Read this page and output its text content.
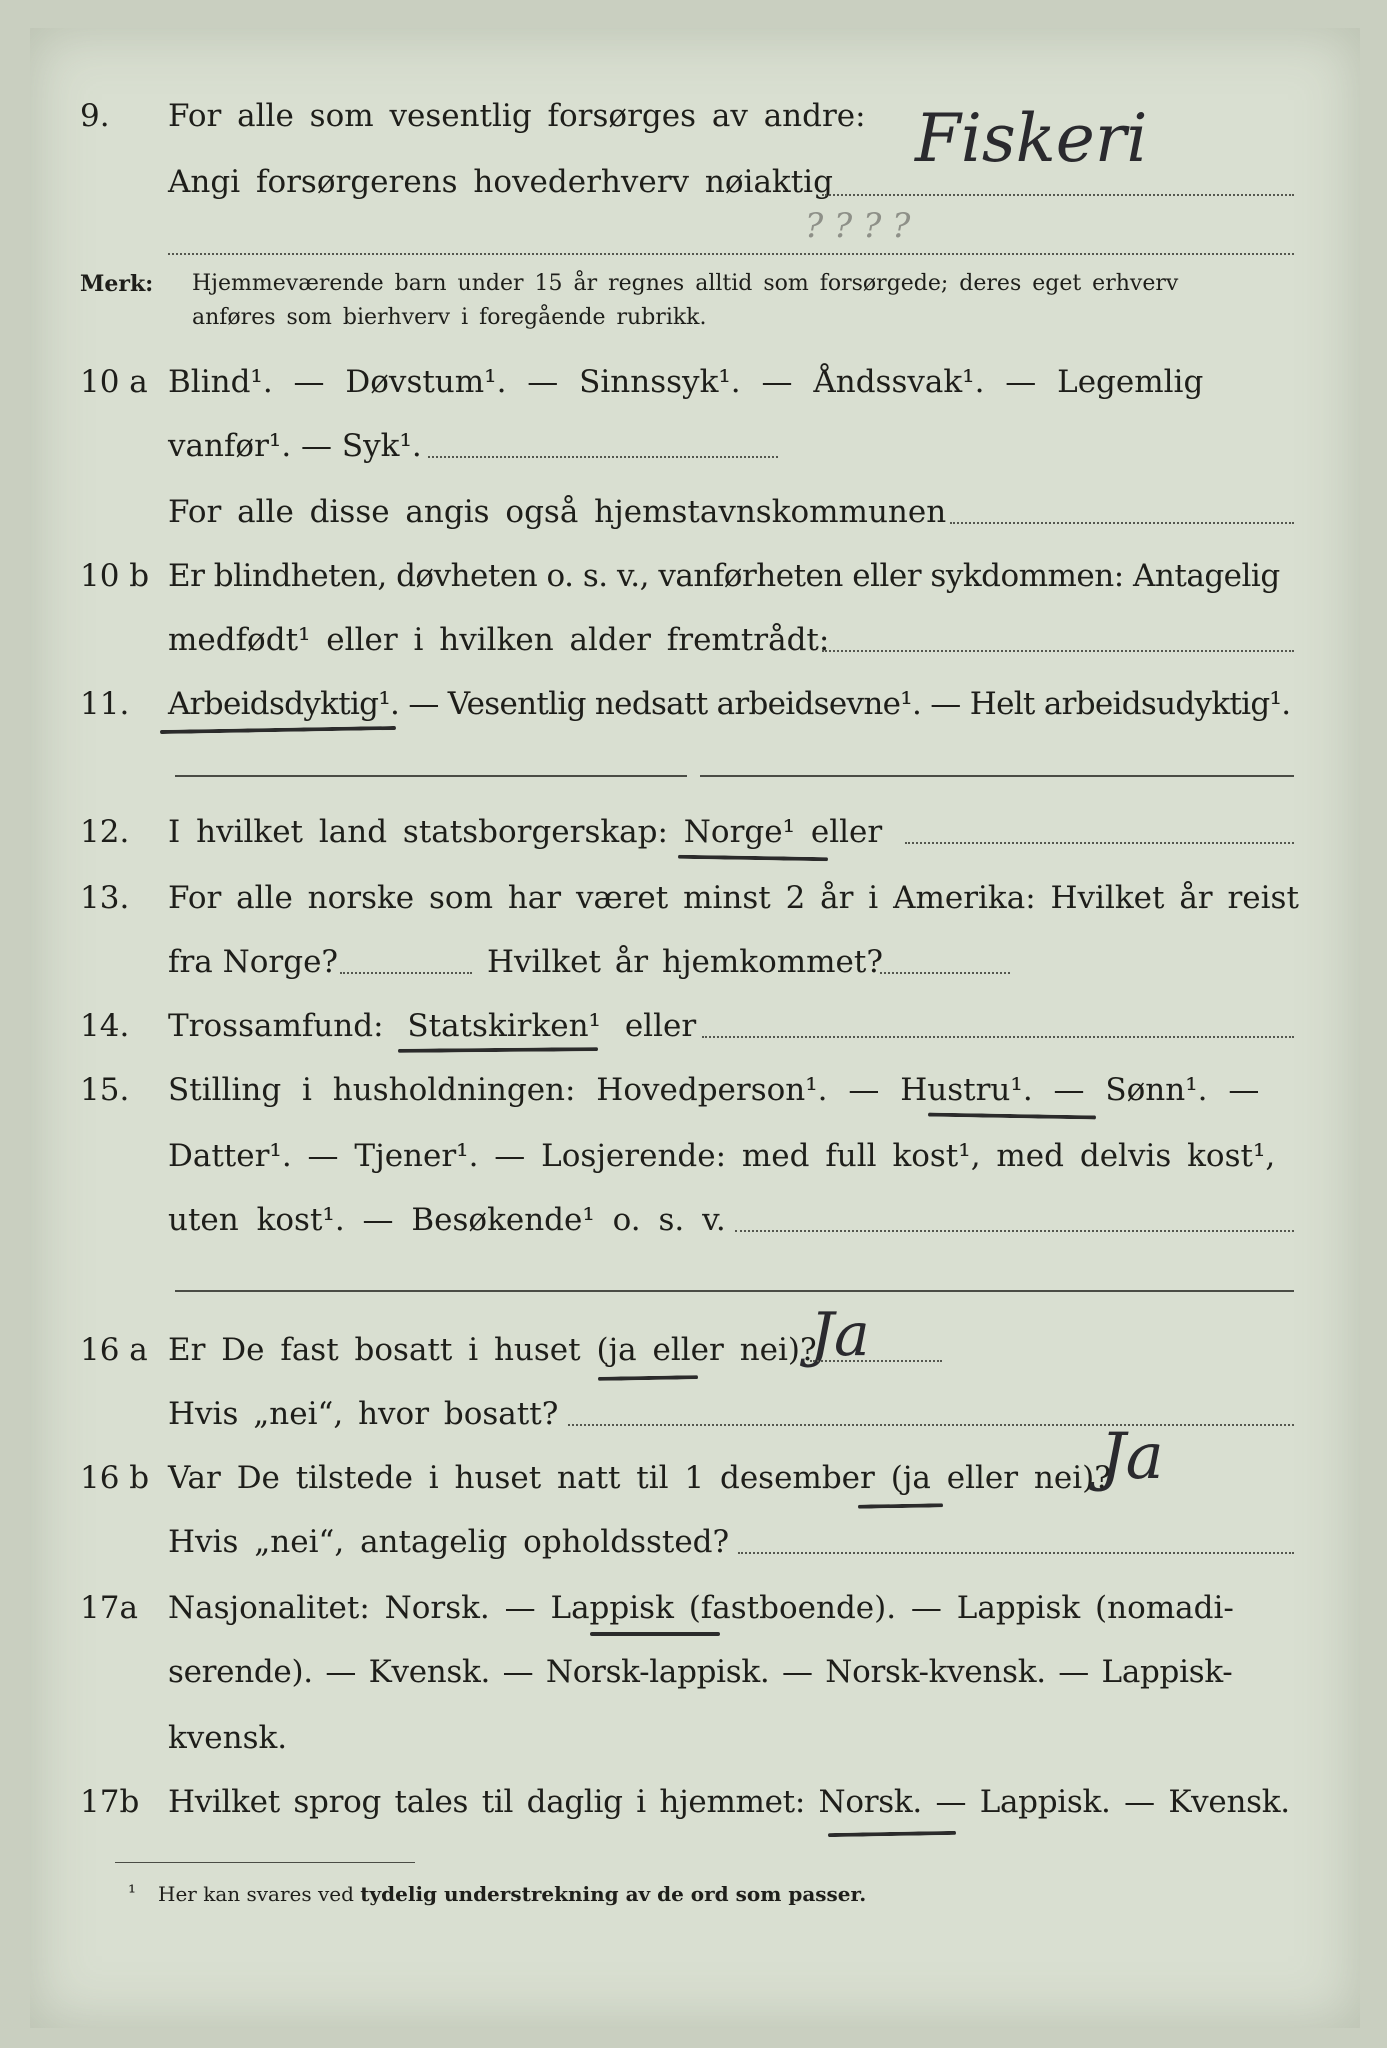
9. For alle som vesentlig forsørges av andre:
Angi forsørgerens hovederhverv nøiaktig
Fiskeri
? ? ? ?
Merk: Hjemmeværende barn under 15 år regnes alltid som forsørgede; deres eget erhverv
anføres som bierhverv i foregående rubrikk.
10 a Blind¹. — Døvstum¹. — Sinnssyk¹. — Åndssvak¹. — Legemlig
vanfør¹. — Syk¹.
For alle disse angis også hjemstavnskommunen
10 b Er blindheten, døvheten o. s. v., vanførheten eller sykdommen: Antagelig
medfødt¹ eller i hvilken alder fremtrådt:
11. Arbeidsdyktig¹. — Vesentlig nedsatt arbeidsevne¹. — Helt arbeidsudyktig¹.
12. I hvilket land statsborgerskap: Norge¹ eller
13. For alle norske som har været minst 2 år i Amerika: Hvilket år reist
fra Norge?	Hvilket år hjemkommet?
14. Trossamfund: Statskirken¹ eller
15. Stilling i husholdningen: Hovedperson¹. — Hustru¹. — Sønn¹. —
Datter¹. — Tjener¹. — Losjerende: med full kost¹, med delvis kost¹,
uten kost¹. — Besøkende¹ o. s. v.
16 a Er De fast bosatt i huset (ja eller nei)?
Ja
Hvis „nei“, hvor bosatt?
16 b Var De tilstede i huset natt til 1 desember (ja eller nei)?
Ja
Hvis „nei“, antagelig opholdssted?
17a Nasjonalitet: Norsk. — Lappisk (fastboende). — Lappisk (nomadi-
serende). — Kvensk. — Norsk-lappisk. — Norsk-kvensk. — Lappisk-
kvensk.
17b Hvilket sprog tales til daglig i hjemmet: Norsk. — Lappisk. — Kvensk.
¹ Her kan svares ved tydelig understrekning av de ord som passer.
